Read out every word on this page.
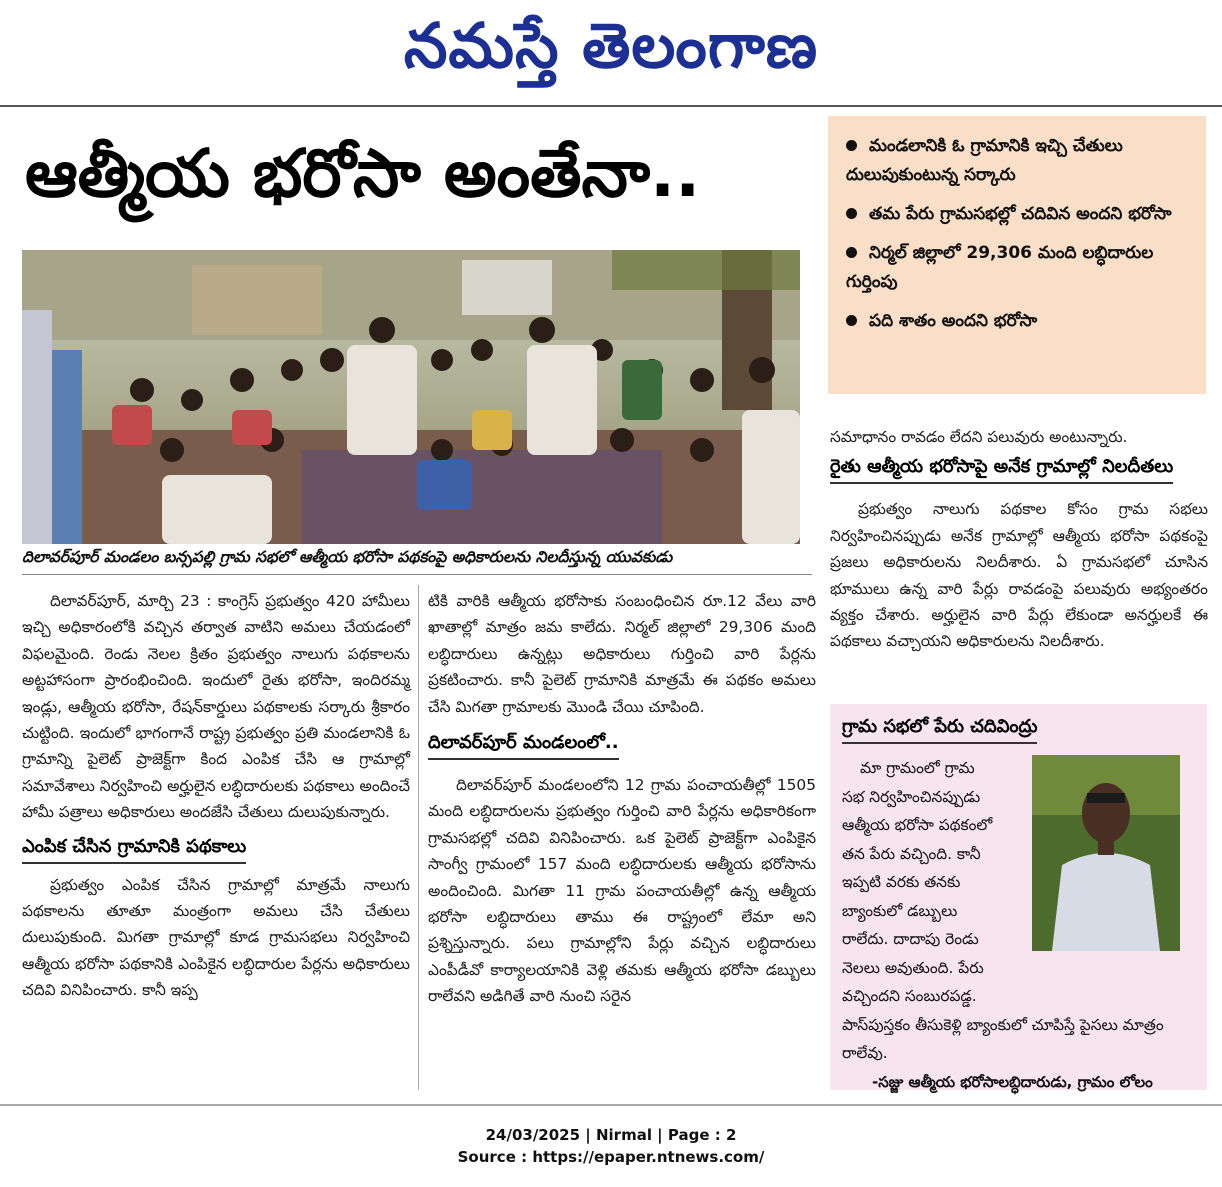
నమస్తే తెలంగాణ
ఆత్మీయ భరోసా అంతేనా..
దిలావర్‌పూర్ మండలం బన్సపల్లి గ్రామ సభలో ఆత్మీయ భరోసా పథకంపై అధికారులను నిలదీస్తున్న యువకుడు
మండలానికి ఓ గ్రామానికి ఇచ్చి చేతులు దులుపుకుంటున్న సర్కారు
తమ పేరు గ్రామసభల్లో చదివిన అందని భరోసా
నిర్మల్ జిల్లాలో 29,306 మంది లబ్ధిదారుల గుర్తింపు
పది శాతం అందని భరోసా

దిలావర్‌పూర్, మార్చి 23 : కాంగ్రెస్ ప్రభుత్వం 420 హామీలు ఇచ్చి అధికారంలోకి వచ్చిన తర్వాత వాటిని అమలు చేయడంలో విఫలమైంది. రెండు నెలల క్రితం ప్రభుత్వం నాలుగు పథకాలను అట్టహాసంగా ప్రారంభించింది. ఇందులో రైతు భరోసా, ఇందిరమ్మ ఇండ్లు, ఆత్మీయ భరోసా, రేషన్‌కార్డులు పథకాలకు సర్కారు శ్రీకారం చుట్టింది. ఇందులో భాగంగానే రాష్ట్ర ప్రభుత్వం ప్రతి మండలానికి ఓ గ్రామాన్ని పైలెట్ ప్రాజెక్ట్‌గా కింద ఎంపిక చేసి ఆ గ్రామాల్లో సమావేశాలు నిర్వహించి అర్హులైన లబ్ధిదారులకు పథకాలు అందించే హామీ పత్రాలు అధికారులు అందజేసి చేతులు దులుపుకున్నారు.

ఎంపిక చేసిన గ్రామానికి పథకాలు

ప్రభుత్వం ఎంపిక చేసిన గ్రామాల్లో మాత్రమే నాలుగు పథకాలను తూతూ మంత్రంగా అమలు చేసి చేతులు దులుపుకుంది. మిగతా గ్రామాల్లో కూడ గ్రామసభలు నిర్వహించి ఆత్మీయ భరోసా పథకానికి ఎంపికైన లబ్ధిదారుల పేర్లను అధికారులు చదివి వినిపించారు. కానీ ఇప్ప

టికి వారికి ఆత్మీయ భరోసాకు సంబంధించిన రూ.12 వేలు వారి ఖాతాల్లో మాత్రం జమ కాలేదు. నిర్మల్ జిల్లాలో 29,306 మంది లబ్ధిదారులు ఉన్నట్లు అధికారులు గుర్తించి వారి పేర్లను ప్రకటించారు. కానీ పైలెట్ గ్రామానికి మాత్రమే ఈ పథకం అమలు చేసి మిగతా గ్రామాలకు మొండి చేయి చూపింది.

దిలావర్‌పూర్ మండలంలో..

దిలావర్‌పూర్ మండలంలోని 12 గ్రామ పంచాయతీల్లో 1505 మంది లబ్ధిదారులను ప్రభుత్వం గుర్తించి వారి పేర్లను అధికారికంగా గ్రామసభల్లో చదివి వినిపించారు. ఒక పైలెట్ ప్రాజెక్ట్‌గా ఎంపికైన సాంగ్వీ గ్రామంలో 157 మంది లబ్ధిదారులకు ఆత్మీయ భరోసాను అందించింది. మిగతా 11 గ్రామ పంచాయతీల్లో ఉన్న ఆత్మీయ భరోసా లబ్ధిదారులు తాము ఈ రాష్ట్రంలో లేమా అని ప్రశ్నిస్తున్నారు. పలు గ్రామాల్లోని పేర్లు వచ్చిన లబ్ధిదారులు ఎంపీడీవో కార్యాలయానికి వెళ్లి తమకు ఆత్మీయ భరోసా డబ్బులు రాలేవని అడిగితే వారి నుంచి సరైన

సమాధానం రావడం లేదని పలువురు అంటున్నారు.

రైతు ఆత్మీయ భరోసాపై అనేక గ్రామాల్లో నిలదీతలు

ప్రభుత్వం నాలుగు పథకాల కోసం గ్రామ సభలు నిర్వహించినప్పుడు అనేక గ్రామాల్లో ఆత్మీయ భరోసా పథకంపై ప్రజలు అధికారులను నిలదీశారు. ఏ గ్రామసభలో చూసిన భూములు ఉన్న వారి పేర్లు రావడంపై పలువురు అభ్యంతరం వ్యక్తం చేశారు. అర్హులైన వారి పేర్లు లేకుండా అనర్హులకే ఈ పథకాలు వచ్చాయని అధికారులను నిలదీశారు.

గ్రామ సభలో పేరు చదివింద్రు
మా గ్రామంలో గ్రామ
సభ నిర్వహించినప్పుడు
ఆత్మీయ భరోసా పథకంలో
తన పేరు వచ్చింది. కానీ
ఇప్పటి వరకు తనకు
బ్యాంకులో డబ్బులు
రాలేదు. దాదాపు రెండు
నెలలు అవుతుంది. పేరు
వచ్చిందని సంబురపడ్డ.
పాస్‌పుస్తకం తీసుకెళ్లి బ్యాంకులో చూపిస్తే పైసలు మాత్రం రాలేవు.
-సజ్జు ఆత్మీయ భరోసాలబ్ధిదారుడు, గ్రామం లోలం
24/03/2025 | Nirmal | Page : 2
Source : https://epaper.ntnews.com/
